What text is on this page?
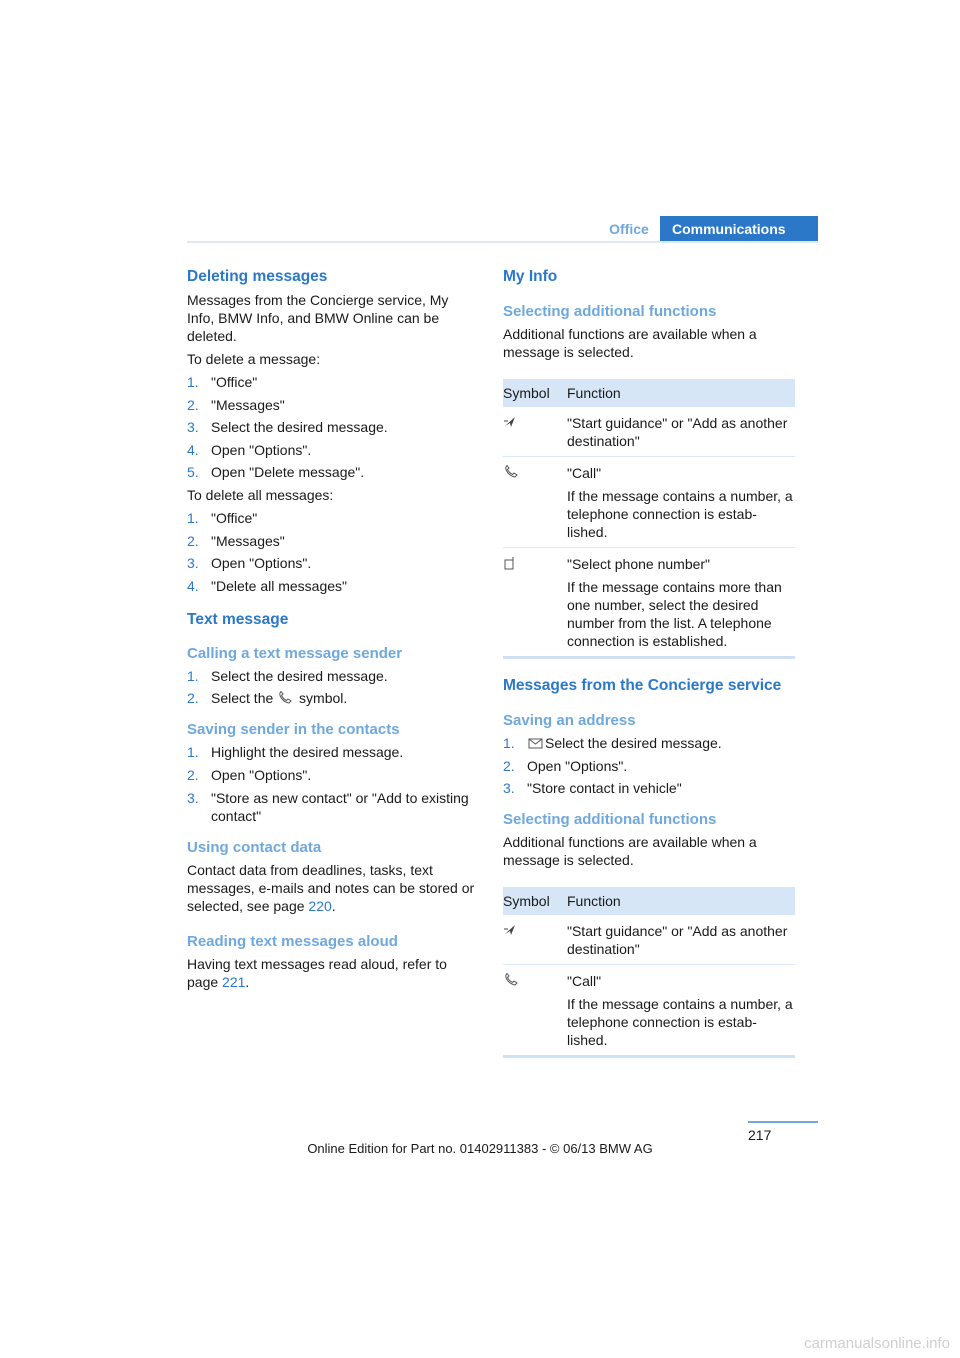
Office	Communications
Deleting messages

Messages from the Concierge service, My Info, BMW Info, and BMW Online can be deleted.

To delete a message:

1. "Office"
2. "Messages"
3. Select the desired message.
4. Open "Options".
5. Open "Delete message".

To delete all messages:

1. "Office"
2. "Messages"
3. Open "Options".
4. "Delete all messages"
Text message
Calling a text message sender
1. Select the desired message.
2. Select the symbol.
Saving sender in the contacts
1. Highlight the desired message.
2. Open "Options".
3. "Store as new contact" or "Add to existing contact"
Using contact data

Contact data from deadlines, tasks, text messages, e-mails and notes can be stored or selected, see page 220.

Reading text messages aloud

Having text messages read aloud, refer to page 221.

My Info
Selecting additional functions

Additional functions are available when a message is selected.

Symbol	Function

"Start guidance" or "Add as another destination"

"Call"
If the message contains a number, a telephone connection is estab-lished.

"Select phone number"
If the message contains more than one number, select the desired number from the list. A telephone connection is established.
Messages from the Concierge service
Saving an address
1. Select the desired message.
2. Open "Options".
3. "Store contact in vehicle"
Selecting additional functions

Additional functions are available when a message is selected.

Symbol	Function

"Start guidance" or "Add as another destination"

"Call"
If the message contains a number, a telephone connection is estab-lished.
217
Online Edition for Part no. 01402911383 - © 06/13 BMW AG
carmanualsonline.info
